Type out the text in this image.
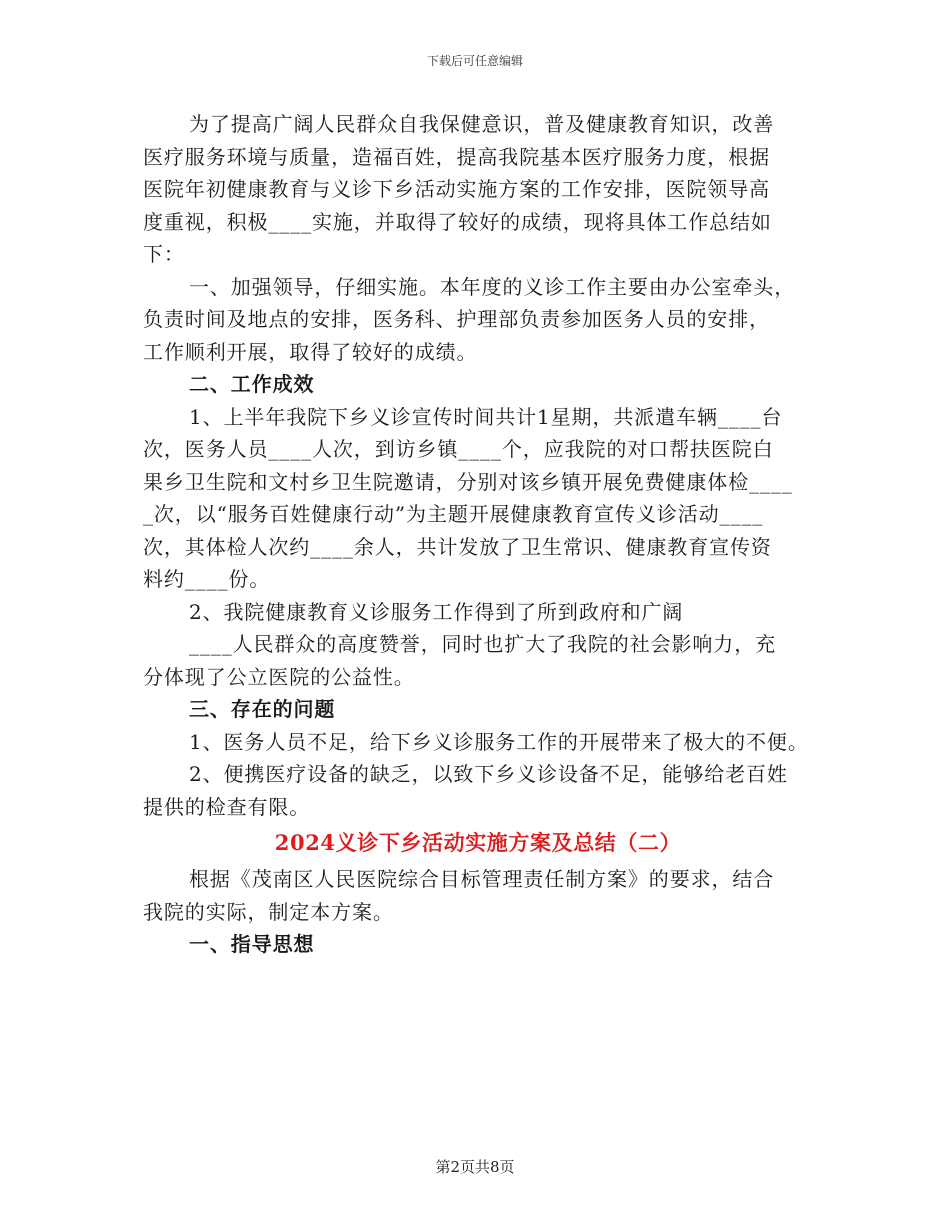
下载后可任意编辑
为了提高广阔人民群众自我保健意识，普及健康教育知识，改善
医疗服务环境与质量，造福百姓，提高我院基本医疗服务力度，根据
医院年初健康教育与义诊下乡活动实施方案的工作安排，医院领导高
度重视，积极____实施，并取得了较好的成绩，现将具体工作总结如
下：
一、加强领导，仔细实施。本年度的义诊工作主要由办公室牵头，
负责时间及地点的安排，医务科、护理部负责参加医务人员的安排，
工作顺利开展，取得了较好的成绩。
二、工作成效
1、上半年我院下乡义诊宣传时间共计1星期，共派遣车辆____台
次，医务人员____人次，到访乡镇____个，应我院的对口帮扶医院白
果乡卫生院和文村乡卫生院邀请，分别对该乡镇开展免费健康体检____
_次，以“服务百姓健康行动”为主题开展健康教育宣传义诊活动____
次，其体检人次约____余人，共计发放了卫生常识、健康教育宣传资
料约____份。
2、我院健康教育义诊服务工作得到了所到政府和广阔
____人民群众的高度赞誉，同时也扩大了我院的社会影响力，充
分体现了公立医院的公益性。
三、存在的问题
1、医务人员不足，给下乡义诊服务工作的开展带来了极大的不便。
2、便携医疗设备的缺乏，以致下乡义诊设备不足，能够给老百姓
提供的检查有限。
2024义诊下乡活动实施方案及总结（二）
根据《茂南区人民医院综合目标管理责任制方案》的要求，结合
我院的实际，制定本方案。
一、指导思想
第2页共8页
